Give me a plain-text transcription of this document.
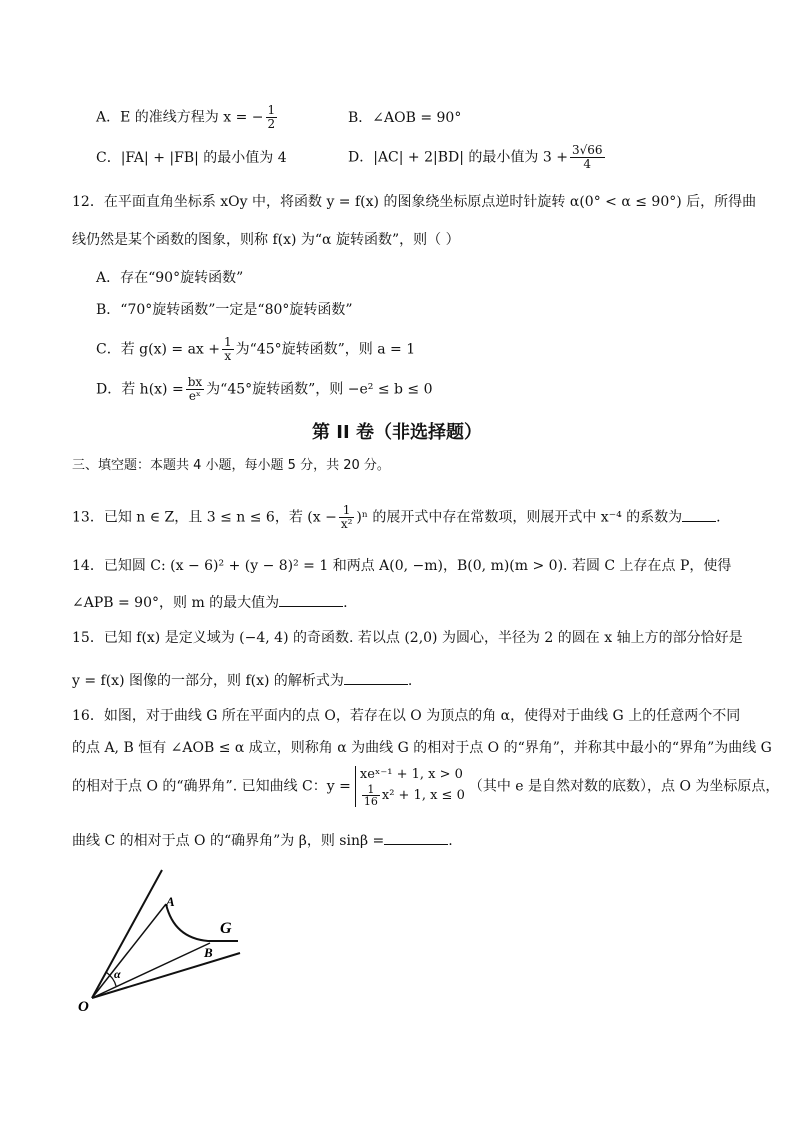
A．E 的准线方程为 x = − $\frac{1}{2}$	B．∠AOB = 90°
C．|FA| + |FB| 的最小值为 4	D．|AC| + 2|BD| 的最小值为 $3 + \frac{3√66}{4}$
12．在平面直角坐标系 xOy 中，将函数 y = f(x) 的图象绕坐标原点逆时针旋转 α(0° < α ≤ 90°) 后，所得曲
线仍然是某个函数的图象，则称 f(x) 为“α 旋转函数”，则（ ）
A．存在“90°旋转函数”
B．“70°旋转函数”一定是“80°旋转函数”
C．若 g(x) = ax + $\frac{1}{x}$ 为“45°旋转函数”，则 a = 1
D．若 $h(x) = \frac{bx}{\text{eˣ}}$ 为“45°旋转函数”，则 −e² ≤ b ≤ 0
第 II 卷（非选择题）
三、填空题：本题共 4 小题，每小题 5 分，共 20 分。
13．已知 n ∈ Z，且 3 ≤ n ≤ 6，若 $(x - \frac{1}{\text{x²}} )^n$ 的展开式中存在常数项，则展开式中 x⁻⁴ 的系数为 .
14．已知圆 C: (x − 6)² + (y − 8)² = 1 和两点 A(0, −m)，B(0, m)(m > 0). 若圆 C 上存在点 P，使得
∠APB = 90°，则 m 的最大值为	.
15．已知 f(x) 是定义域为 (−4, 4) 的奇函数. 若以点 (2,0) 为圆心，半径为 2 的圆在 x 轴上方的部分恰好是
y = f(x) 图像的一部分，则 f(x) 的解析式为	.
16．如图，对于曲线 G 所在平面内的点 O，若存在以 O 为顶点的角 α，使得对于曲线 G 上的任意两个不同
的点 A, B 恒有 ∠AOB ≤ α 成立，则称角 α 为曲线 G 的相对于点 O 的“界角”，并称其中最小的“界角”为曲线 G
的相对于点 O 的“确界角”. 已知曲线 C：y =
xeˣ⁻¹ + 1, x > 0
$\frac{1}{16} x^2 + 1$, x ≤ 0
（其中 e 是自然对数的底数），点 O 为坐标原点，
曲线 C 的相对于点 O 的“确界角”为 β，则 sinβ =	.
A
B
G
O
α
